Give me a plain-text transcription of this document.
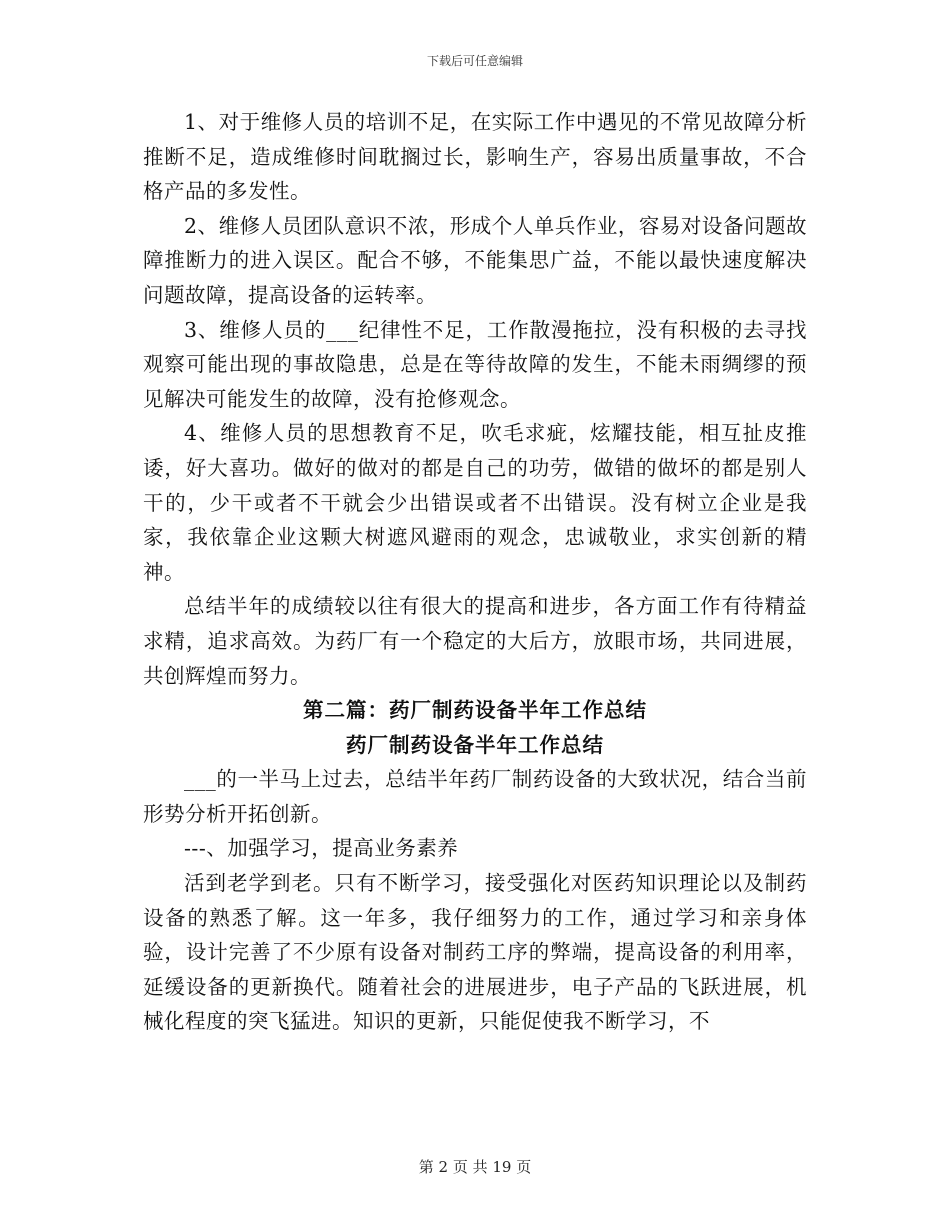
下载后可任意编辑

1、对于维修人员的培训不足，在实际工作中遇见的不常见故障分析推断不足，造成维修时间耽搁过长，影响生产，容易出质量事故，不合格产品的多发性。

2、维修人员团队意识不浓，形成个人单兵作业，容易对设备问题故障推断力的进入误区。配合不够，不能集思广益，不能以最快速度解决问题故障，提高设备的运转率。

3、维修人员的___纪律性不足，工作散漫拖拉，没有积极的去寻找观察可能出现的事故隐患，总是在等待故障的发生，不能未雨绸缪的预见解决可能发生的故障，没有抢修观念。

4、维修人员的思想教育不足，吹毛求疵，炫耀技能，相互扯皮推诿，好大喜功。做好的做对的都是自己的功劳，做错的做坏的都是别人干的，少干或者不干就会少出错误或者不出错误。没有树立企业是我家，我依靠企业这颗大树遮风避雨的观念，忠诚敬业，求实创新的精神。

总结半年的成绩较以往有很大的提高和进步，各方面工作有待精益求精，追求高效。为药厂有一个稳定的大后方，放眼市场，共同进展，共创辉煌而努力。

第二篇：药厂制药设备半年工作总结

药厂制药设备半年工作总结

___的一半马上过去，总结半年药厂制药设备的大致状况，结合当前形势分析开拓创新。

---、加强学习，提高业务素养

活到老学到老。只有不断学习，接受强化对医药知识理论以及制药设备的熟悉了解。这一年多，我仔细努力的工作，通过学习和亲身体验，设计完善了不少原有设备对制药工序的弊端，提高设备的利用率，延缓设备的更新换代。随着社会的进展进步，电子产品的飞跃进展，机械化程度的突飞猛进。知识的更新，只能促使我不断学习，不

第 2 页 共 19 页
